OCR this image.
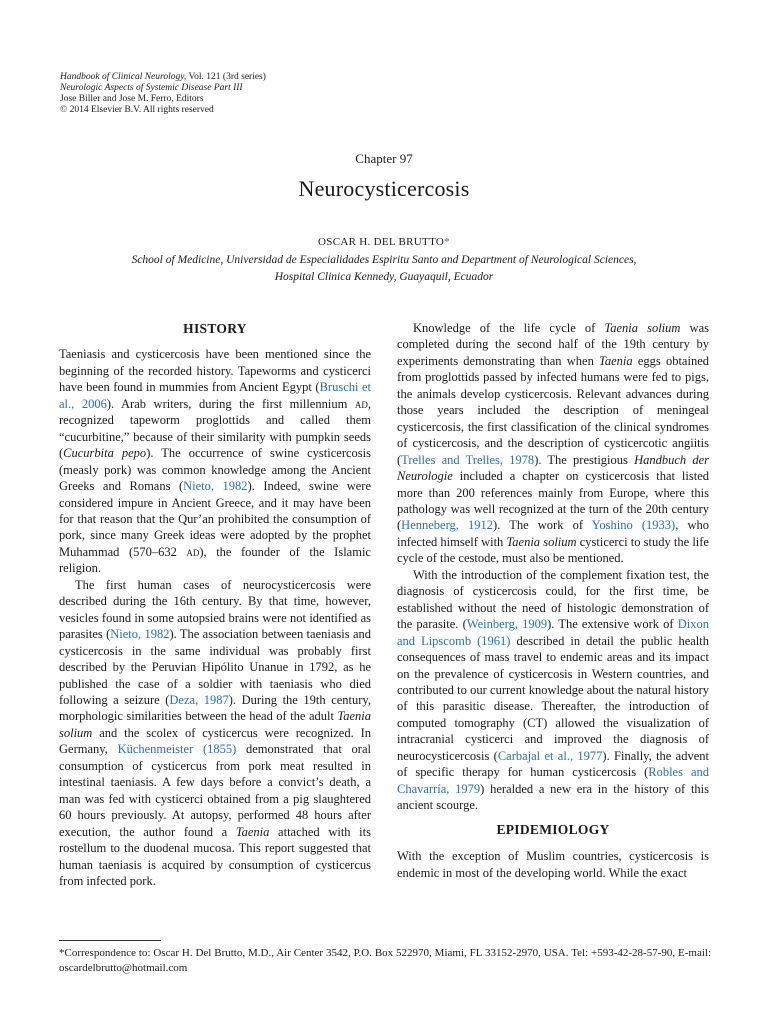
Handbook of Clinical Neurology, Vol. 121 (3rd series)
Neurologic Aspects of Systemic Disease Part III
Jose Biller and Jose M. Ferro, Editors
© 2014 Elsevier B.V. All rights reserved
Chapter 97
Neurocysticercosis
OSCAR H. DEL BRUTTO*
School of Medicine, Universidad de Especialidades Espiritu Santo and Department of Neurological Sciences,
Hospital Clinica Kennedy, Guayaquil, Ecuador
HISTORY

Taeniasis and cysticercosis have been mentioned since the beginning of the recorded history. Tapeworms and cysticerci have been found in mummies from Ancient Egypt (Bruschi et al., 2006). Arab writers, during the first millennium ad, recognized tapeworm proglottids and called them “cucurbitine,” because of their similarity with pumpkin seeds (Cucurbita pepo). The occurrence of swine cysticercosis (measly pork) was common knowledge among the Ancient Greeks and Romans (Nieto, 1982). Indeed, swine were considered impure in Ancient Greece, and it may have been for that reason that the Qur’an prohibited the consumption of pork, since many Greek ideas were adopted by the prophet Muhammad (570–632 ad), the founder of the Islamic religion.

The first human cases of neurocysticercosis were described during the 16th century. By that time, however, vesicles found in some autopsied brains were not identified as parasites (Nieto, 1982). The association between taeniasis and cysticercosis in the same individual was probably first described by the Peruvian Hipólito Unanue in 1792, as he published the case of a soldier with taeniasis who died following a seizure (Deza, 1987). During the 19th century, morphologic similarities between the head of the adult Taenia solium and the scolex of cysticercus were recognized. In Germany, Küchenmeister (1855) demonstrated that oral consumption of cysticercus from pork meat resulted in intestinal taeniasis. A few days before a convict’s death, a man was fed with cysticerci obtained from a pig slaughtered 60 hours previously. At autopsy, performed 48 hours after execution, the author found a Taenia attached with its rostellum to the duodenal mucosa. This report suggested that human taeniasis is acquired by consumption of cysticercus from infected pork.

Knowledge of the life cycle of Taenia solium was completed during the second half of the 19th century by experiments demonstrating than when Taenia eggs obtained from proglottids passed by infected humans were fed to pigs, the animals develop cysticercosis. Relevant advances during those years included the description of meningeal cysticercosis, the first classification of the clinical syndromes of cysticercosis, and the description of cysticercotic angiitis (Trelles and Trelles, 1978). The prestigious Handbuch der Neurologie included a chapter on cysticercosis that listed more than 200 references mainly from Europe, where this pathology was well recognized at the turn of the 20th century (Henneberg, 1912). The work of Yoshino (1933), who infected himself with Taenia solium cysticerci to study the life cycle of the cestode, must also be mentioned.

With the introduction of the complement fixation test, the diagnosis of cysticercosis could, for the first time, be established without the need of histologic demonstration of the parasite. (Weinberg, 1909). The extensive work of Dixon and Lipscomb (1961) described in detail the public health consequences of mass travel to endemic areas and its impact on the prevalence of cysticercosis in Western countries, and contributed to our current knowledge about the natural history of this parasitic disease. Thereafter, the introduction of computed tomography (CT) allowed the visualization of intracranial cysticerci and improved the diagnosis of neurocysticercosis (Carbajal et al., 1977). Finally, the advent of specific therapy for human cysticercosis (Robles and Chavarría, 1979) heralded a new era in the history of this ancient scourge.

EPIDEMIOLOGY

With the exception of Muslim countries, cysticercosis is endemic in most of the developing world. While the exact

*Correspondence to: Oscar H. Del Brutto, M.D., Air Center 3542, P.O. Box 522970, Miami, FL 33152-2970, USA. Tel: +593-42-28-57-90, E-mail: oscardelbrutto@hotmail.com
